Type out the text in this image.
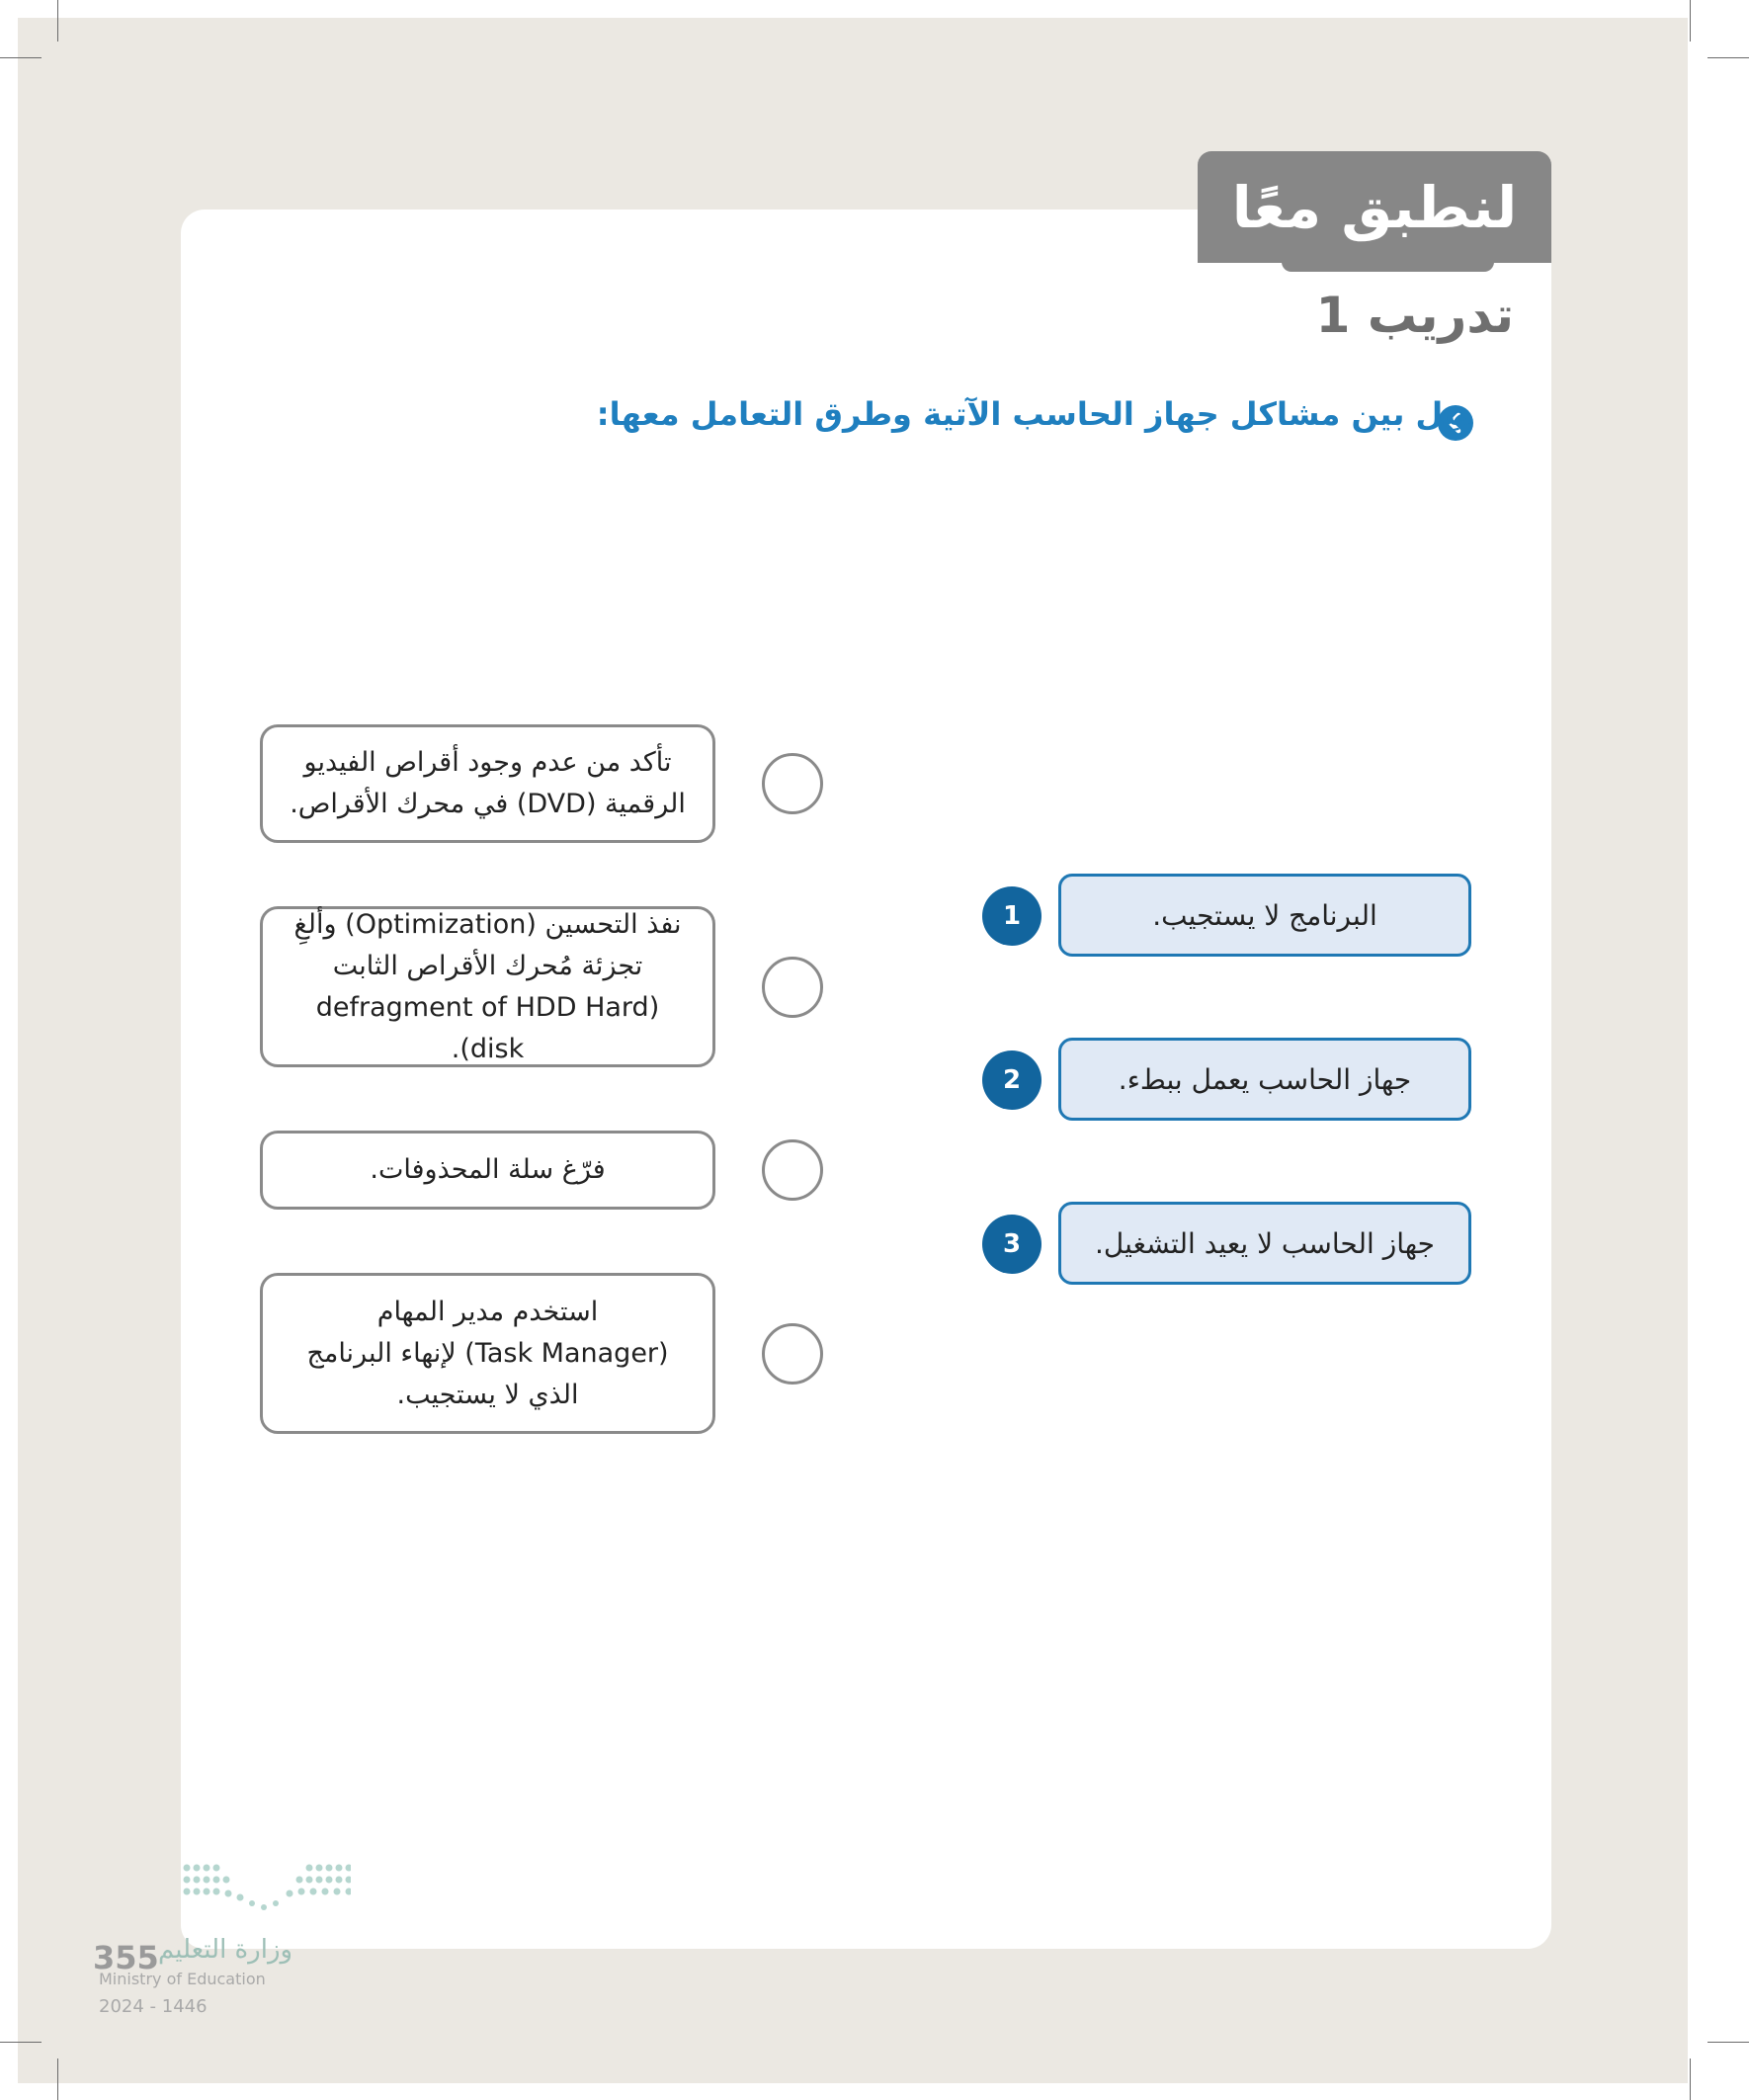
لنطبق معًا
تدريب 1
صِل بين مشاكل جهاز الحاسب الآتية وطرق التعامل معها:
تأكد من عدم وجود أقراص الفيديو
الرقمية (DVD) في محرك الأقراص.
نفذ التحسين (Optimization) وألغِ
تجزئة مُحرك الأقراص الثابت
(defragment of HDD Hard disk).
فرّغ سلة المحذوفات.
استخدم مدير المهام
(Task Manager) لإنهاء البرنامج
الذي لا يستجيب.
1	البرنامج لا يستجيب.
2	جهاز الحاسب يعمل ببطء.
3	جهاز الحاسب لا يعيد التشغيل.
وزارة التعليم
355
Ministry of Education
2024 - 1446
